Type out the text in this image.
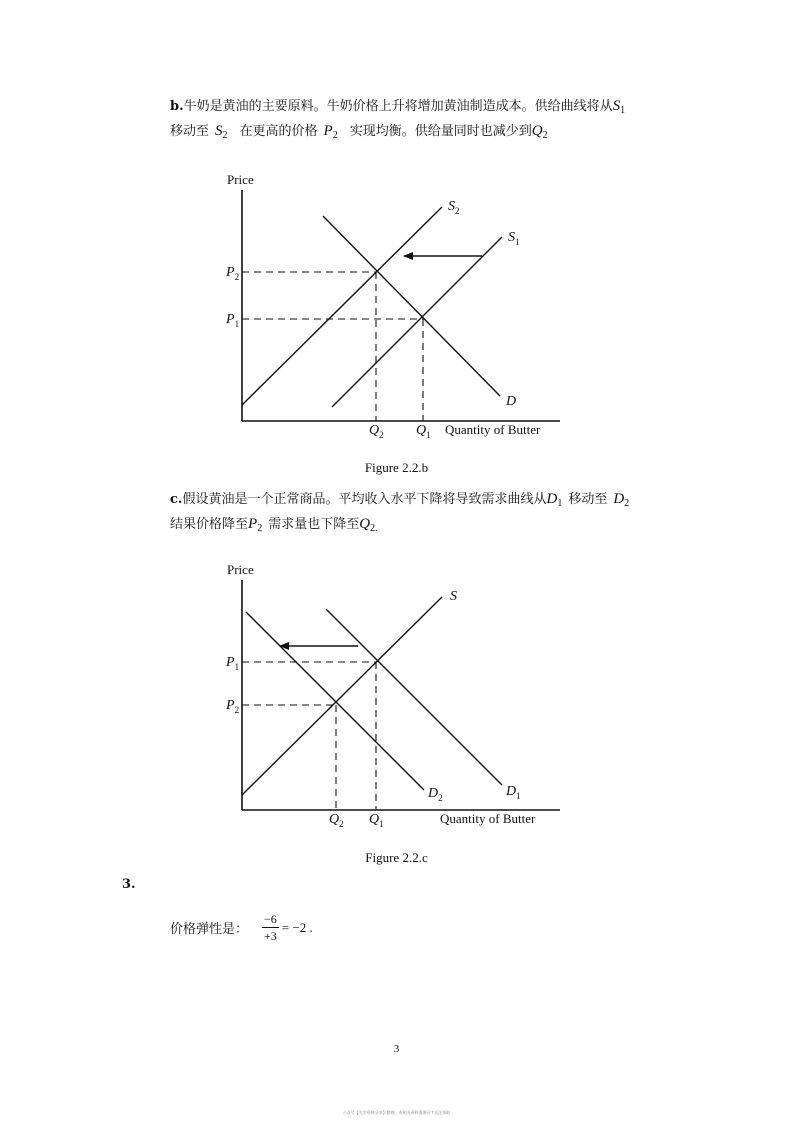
b.牛奶是黄油的主要原料。牛奶价格上升将增加黄油制造成本。供给曲线将从$S_1$
移动至 $S_2$ 在更高的价格 $P_2$ 实现均衡。供给量同时也减少到$Q_2$
Price
$S_2$
$S_1$
D
$P_2$
$P_1$
$Q_2$ $Q_1$ Quantity of Butter
Figure 2.2.b
c.假设黄油是一个正常商品。平均收入水平下降将导致需求曲线从$D_1$ 移动至 $D_2$
结果价格降至$P_2$ 需求量也下降至$Q_{2.}$
Price
S
$D_2$	$D_1$
$P_1$
$P_2$
$Q_2$ $Q_1$	Quantity of Butter
Figure 2.2.c
3.
价格弹性是： $\frac{-6}{+3} = -2$ .
3
公众号【大学资料分享】整理，有相关资料需要可↑关注获取
